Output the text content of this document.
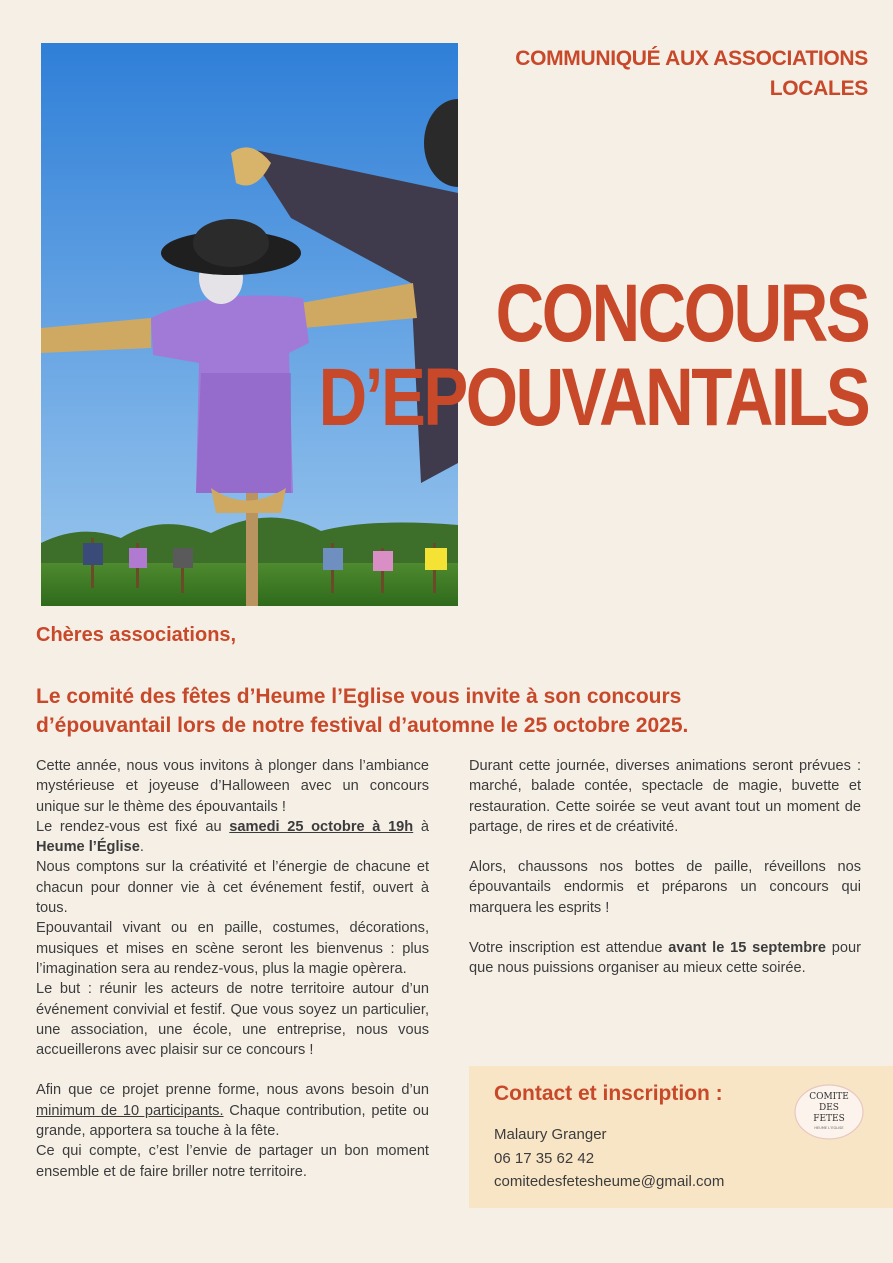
COMMUNIQUÉ AUX ASSOCIATIONS
LOCALES
CONCOURS
D’EPOUVANTAILS
Chères associations,
Le comité des fêtes d’Heume l’Eglise vous invite à son concours
d’épouvantail lors de notre festival d’automne le 25 octobre 2025.

Cette année, nous vous invitons à plonger dans l’ambiance mystérieuse et joyeuse d’Halloween avec un concours unique sur le thème des épouvantails !

Le rendez-vous est fixé au samedi 25 octobre à 19h à Heume l’Église.

Nous comptons sur la créativité et l’énergie de chacune et chacun pour donner vie à cet événement festif, ouvert à tous.

Epouvantail vivant ou en paille, costumes, décorations, musiques et mises en scène seront les bienvenus : plus l’imagination sera au rendez-vous, plus la magie opèrera.

Le but : réunir les acteurs de notre territoire autour d’un événement convivial et festif. Que vous soyez un particulier, une association, une école, une entreprise, nous vous accueillerons avec plaisir sur ce concours !

Afin que ce projet prenne forme, nous avons besoin d’un minimum de 10 participants. Chaque contribution, petite ou grande, apportera sa touche à la fête.

Ce qui compte, c’est l’envie de partager un bon moment ensemble et de faire briller notre territoire.

Durant cette journée, diverses animations seront prévues : marché, balade contée, spectacle de magie, buvette et restauration. Cette soirée se veut avant tout un moment de partage, de rires et de créativité.

Alors, chaussons nos bottes de paille, réveillons nos épouvantails endormis et préparons un concours qui marquera les esprits !

Votre inscription est attendue avant le 15 septembre pour que nous puissions organiser au mieux cette soirée.

Contact et inscription :
Malaury Granger
06 17 35 62 42
comitedesfetesheume@gmail.com
COMITE
DES
FETES
HEUME L’EGLISE
